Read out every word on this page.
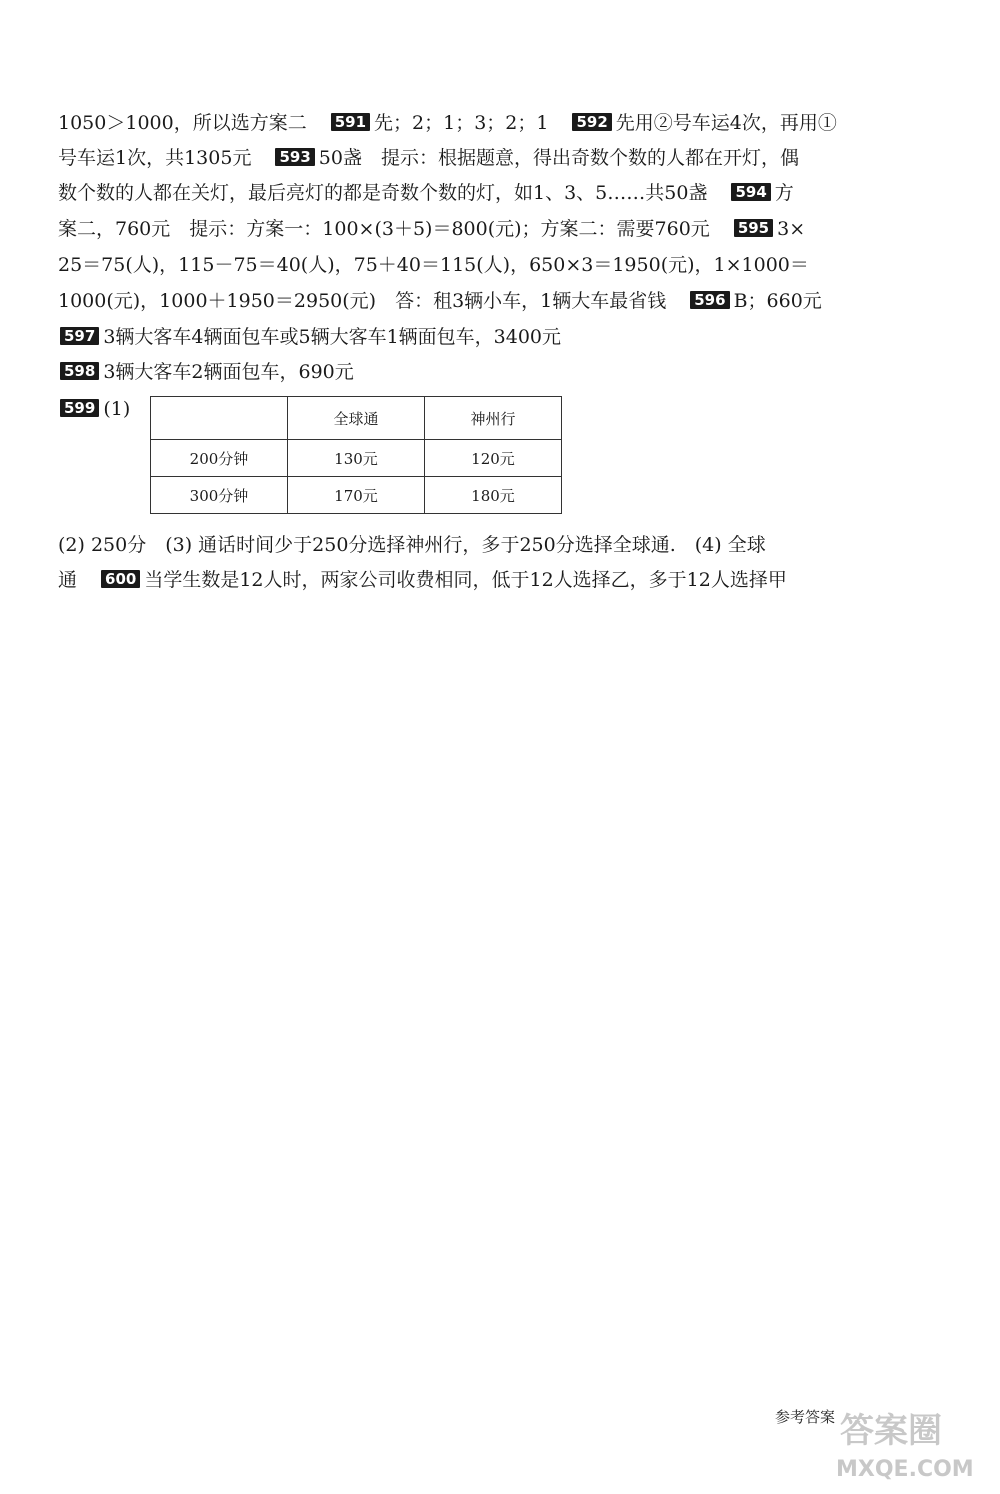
1050＞1000，所以选方案二 591 先；2；1；3；2；1 592 先用②号车运4次，再用①
号车运1次，共1305元 593 50盏　提示：根据题意，得出奇数个数的人都在开灯，偶
数个数的人都在关灯，最后亮灯的都是奇数个数的灯，如1、3、5……共50盏 594 方
案二，760元　提示：方案一：100×(3＋5)＝800(元)；方案二：需要760元 595 3×
25＝75(人)，115－75＝40(人)，75＋40＝115(人)，650×3＝1950(元)，1×1000＝
1000(元)，1000＋1950＝2950(元)　答：租3辆小车，1辆大车最省钱 596 B；660元
597 3辆大客车4辆面包车或5辆大客车1辆面包车，3400元
598 3辆大客车2辆面包车，690元
599 (1)
		全球通	神州行
200分钟	130元	120元
300分钟	170元	180元
(2) 250分　(3) 通话时间少于250分选择神州行，多于250分选择全球通.　(4) 全球
通 600 当学生数是12人时，两家公司收费相同，低于12人选择乙，多于12人选择甲
参考答案 答案圈
MXQE.COM
